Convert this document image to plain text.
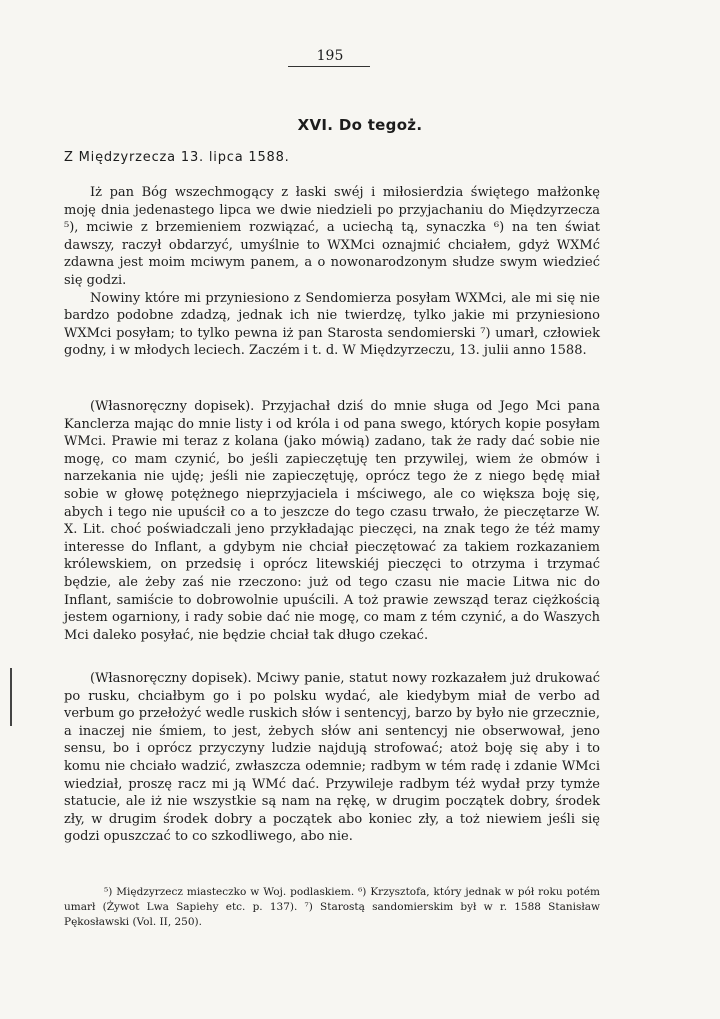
195
XVI. Do tegoż.
Z Międzyrzecza 13. lipca 1588.

Iż pan Bóg wszechmogący z łaski swéj i miłosierdzia świętego małżonkę moję dnia jedenastego lipca we dwie niedzieli po przyjachaniu do Międzyrzecza ⁵), mciwie z brzemieniem rozwiązać, a uciechą tą, synaczka ⁶) na ten świat dawszy, raczył obdarzyć, umyślnie to WXMci oznajmić chciałem, gdyż WXMć zdawna jest moim mciwym panem, a o nowonarodzonym słudze swym wiedzieć się godzi.

Nowiny które mi przyniesiono z Sendomierza posyłam WXMci, ale mi się nie bardzo podobne zdadzą, jednak ich nie twierdzę, tylko jakie mi przyniesiono WXMci posyłam; to tylko pewna iż pan Starosta sendomierski ⁷) umarł, człowiek godny, i w młodych leciech. Zaczém i t. d. W Międzyrzeczu, 13. julii anno 1588.

(Własnoręczny dopisek). Przyjachał dziś do mnie sługa od Jego Mci pana Kanclerza mając do mnie listy i od króla i od pana swego, których kopie posyłam WMci. Prawie mi teraz z kolana (jako mówią) zadano, tak że rady dać sobie nie mogę, co mam czynić, bo jeśli zapieczętuję ten przywilej, wiem że obmów i narzekania nie ujdę; jeśli nie zapieczętuję, oprócz tego że z niego będę miał sobie w głowę potężnego nieprzyjaciela i mściwego, ale co większa boję się, abych i tego nie upuścił co a to jeszcze do tego czasu trwało, że pieczętarze W. X. Lit. choć poświadczali jeno przykładając pieczęci, na znak tego że téż mamy interesse do Inflant, a gdybym nie chciał pieczętować za takiem rozkazaniem królewskiem, on przedsię i oprócz litewskiéj pieczęci to otrzyma i trzymać będzie, ale żeby zaś nie rzeczono: już od tego czasu nie macie Litwa nic do Inflant, samiście to dobrowolnie upuścili. A toż prawie zewsząd teraz ciężkością jestem ogarniony, i rady sobie dać nie mogę, co mam z tém czynić, a do Waszych Mci daleko posyłać, nie będzie chciał tak długo czekać.

(Własnoręczny dopisek). Mciwy panie, statut nowy rozkazałem już drukować po rusku, chciałbym go i po polsku wydać, ale kiedybym miał de verbo ad verbum go przełożyć wedle ruskich słów i sentencyj, barzo by było nie grzecznie, a inaczej nie śmiem, to jest, żebych słów ani sentencyj nie obserwował, jeno sensu, bo i oprócz przyczyny ludzie najdują strofować; atoż boję się aby i to komu nie chciało wadzić, zwłaszcza odemnie; radbym w tém radę i zdanie WMci wiedział, proszę racz mi ją WMć dać. Przywileje radbym téż wydał przy tymże statucie, ale iż nie wszystkie są nam na rękę, w drugim początek dobry, środek zły, w drugim środek dobry a początek abo koniec zły, a toż niewiem jeśli się godzi opuszczać to co szkodliwego, abo nie.

⁵) Międzyrzecz miasteczko w Woj. podlaskiem. ⁶) Krzysztofa, który jednak w pół roku potém umarł (Żywot Lwa Sapiehy etc. p. 137). ⁷) Starostą sandomierskim był w r. 1588 Stanisław Pękosławski (Vol. II, 250).
